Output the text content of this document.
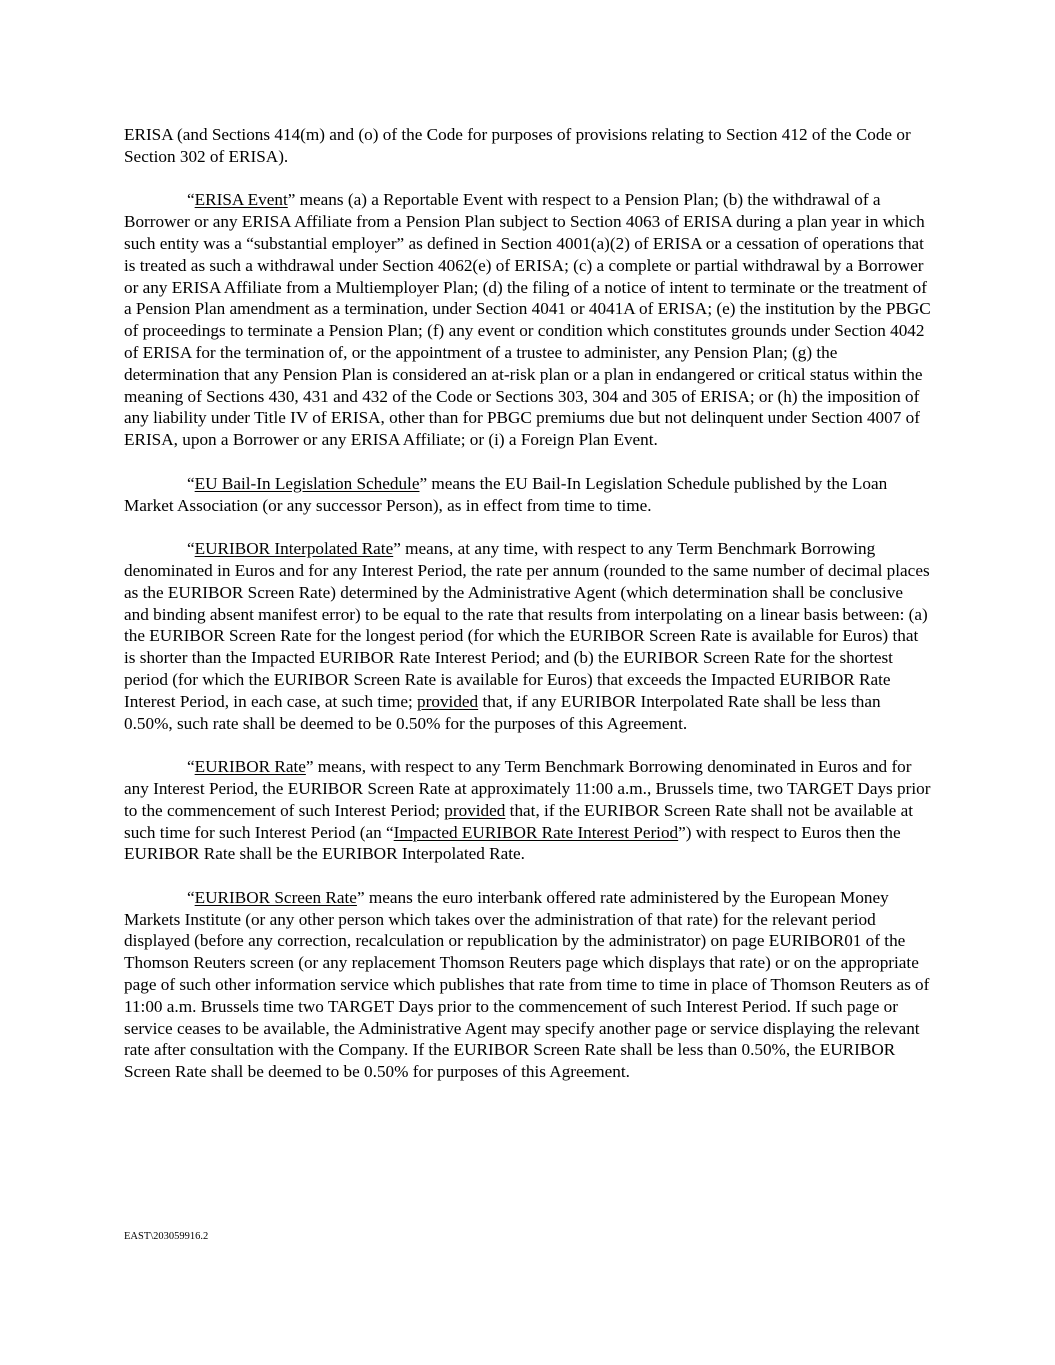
ERISA (and Sections 414(m) and (o) of the Code for purposes of provisions relating to Section 412 of the Code or Section 302 of ERISA).

“ERISA Event” means (a) a Reportable Event with respect to a Pension Plan; (b) the withdrawal of a Borrower or any ERISA Affiliate from a Pension Plan subject to Section 4063 of ERISA during a plan year in which such entity was a “substantial employer” as defined in Section 4001(a)(2) of ERISA or a cessation of operations that is treated as such a withdrawal under Section 4062(e) of ERISA; (c) a complete or partial withdrawal by a Borrower or any ERISA Affiliate from a Multiemployer Plan; (d) the filing of a notice of intent to terminate or the treatment of a Pension Plan amendment as a termination, under Section 4041 or 4041A of ERISA; (e) the institution by the PBGC of proceedings to terminate a Pension Plan; (f) any event or condition which constitutes grounds under Section 4042 of ERISA for the termination of, or the appointment of a trustee to administer, any Pension Plan; (g) the determination that any Pension Plan is considered an at-risk plan or a plan in endangered or critical status within the meaning of Sections 430, 431 and 432 of the Code or Sections 303, 304 and 305 of ERISA; or (h) the imposition of any liability under Title IV of ERISA, other than for PBGC premiums due but not delinquent under Section 4007 of ERISA, upon a Borrower or any ERISA Affiliate; or (i) a Foreign Plan Event.

“EU Bail-In Legislation Schedule” means the EU Bail-In Legislation Schedule published by the Loan Market Association (or any successor Person), as in effect from time to time.

“EURIBOR Interpolated Rate” means, at any time, with respect to any Term Benchmark Borrowing denominated in Euros and for any Interest Period, the rate per annum (rounded to the same number of decimal places as the EURIBOR Screen Rate) determined by the Administrative Agent (which determination shall be conclusive and binding absent manifest error) to be equal to the rate that results from interpolating on a linear basis between: (a) the EURIBOR Screen Rate for the longest period (for which the EURIBOR Screen Rate is available for Euros) that is shorter than the Impacted EURIBOR Rate Interest Period; and (b) the EURIBOR Screen Rate for the shortest period (for which the EURIBOR Screen Rate is available for Euros) that exceeds the Impacted EURIBOR Rate Interest Period, in each case, at such time; provided that, if any EURIBOR Interpolated Rate shall be less than 0.50%, such rate shall be deemed to be 0.50% for the purposes of this Agreement.

“EURIBOR Rate” means, with respect to any Term Benchmark Borrowing denominated in Euros and for any Interest Period, the EURIBOR Screen Rate at approximately 11:00 a.m., Brussels time, two TARGET Days prior to the commencement of such Interest Period; provided that, if the EURIBOR Screen Rate shall not be available at such time for such Interest Period (an “Impacted EURIBOR Rate Interest Period”) with respect to Euros then the EURIBOR Rate shall be the EURIBOR Interpolated Rate.

“EURIBOR Screen Rate” means the euro interbank offered rate administered by the European Money Markets Institute (or any other person which takes over the administration of that rate) for the relevant period displayed (before any correction, recalculation or republication by the administrator) on page EURIBOR01 of the Thomson Reuters screen (or any replacement Thomson Reuters page which displays that rate) or on the appropriate page of such other information service which publishes that rate from time to time in place of Thomson Reuters as of 11:00 a.m. Brussels time two TARGET Days prior to the commencement of such Interest Period. If such page or service ceases to be available, the Administrative Agent may specify another page or service displaying the relevant rate after consultation with the Company. If the EURIBOR Screen Rate shall be less than 0.50%, the EURIBOR Screen Rate shall be deemed to be 0.50% for purposes of this Agreement.

EAST\203059916.2
